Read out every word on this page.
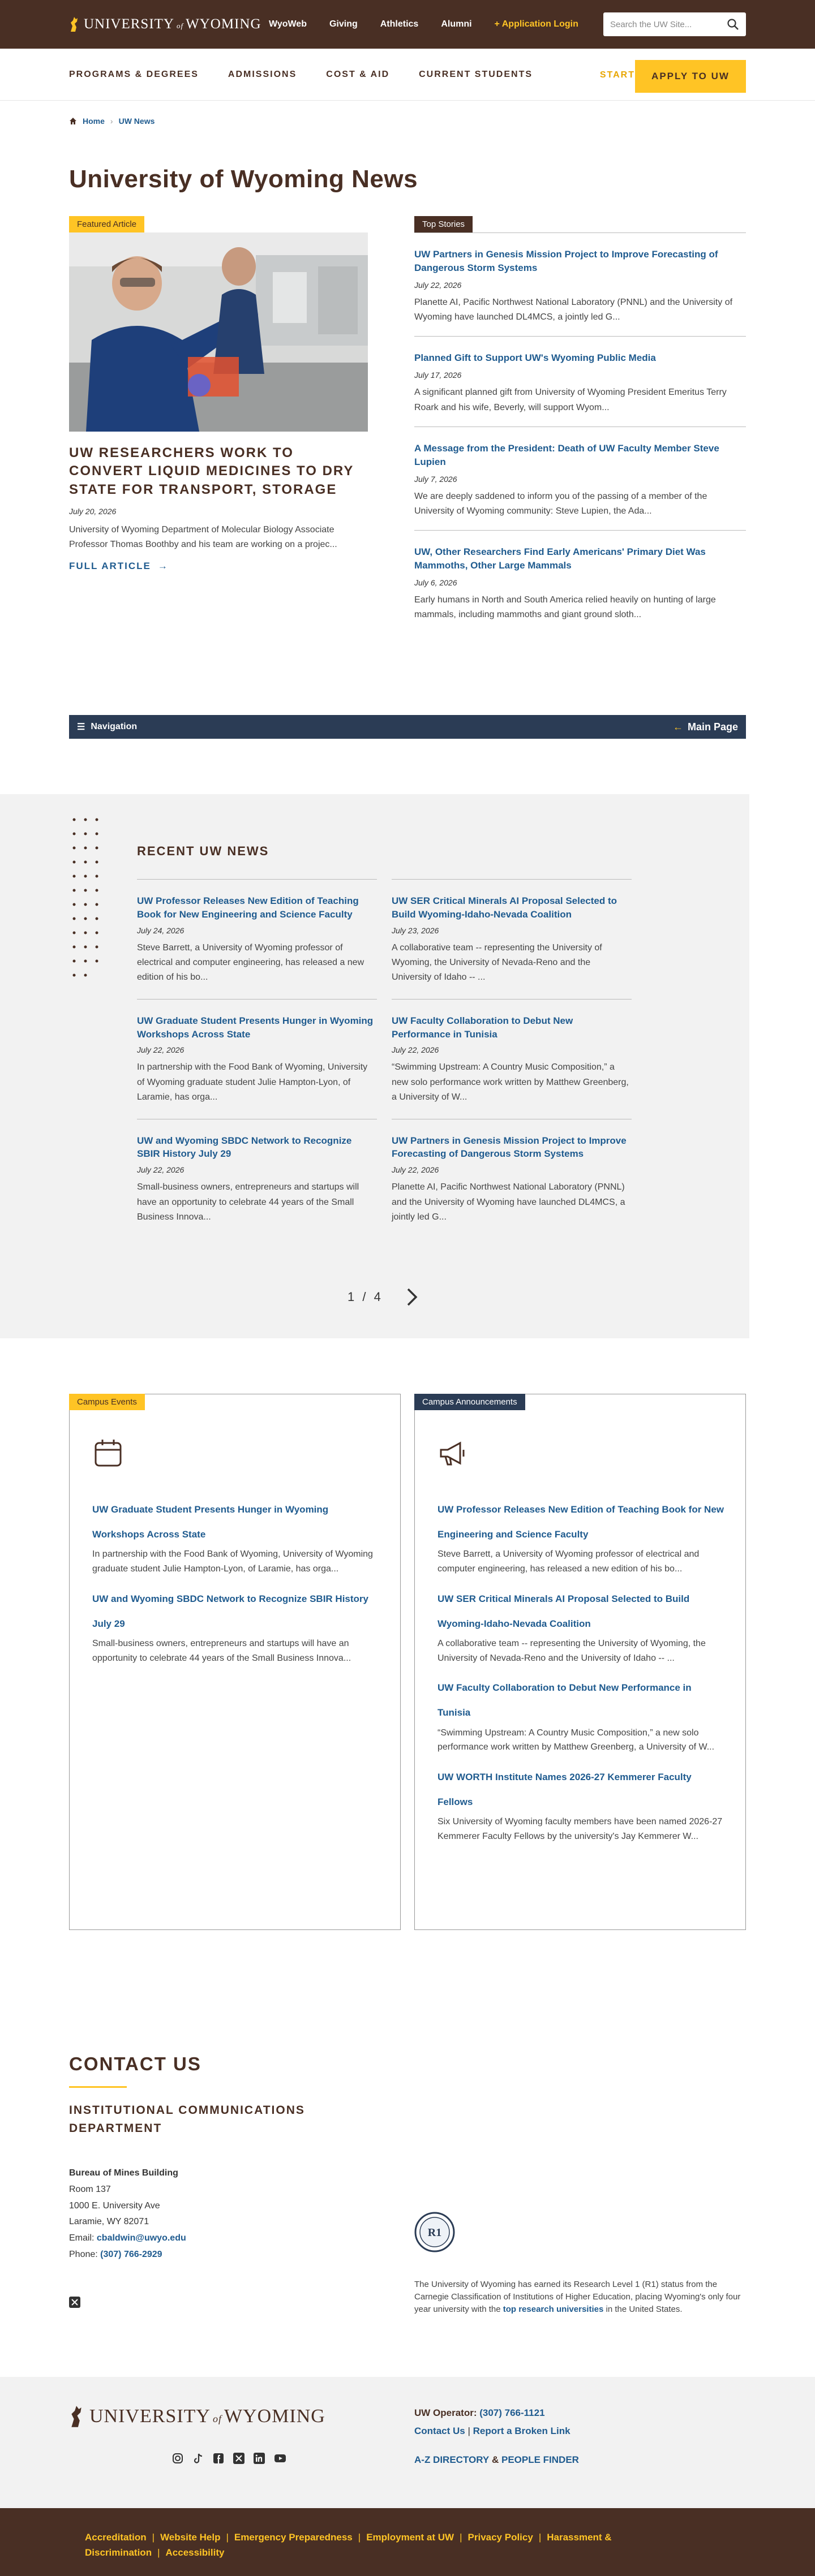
UNIVERSITY of WYOMING WyoWeb	Giving	Athletics	Alumni	+ Application Login	Search the UW Site...
PROGRAMS & DEGREES	ADMISSIONS	COST & AID	CURRENT STUDENTS	START	APPLY TO UW
Home › UW News
University of Wyoming News
Featured Article
UW RESEARCHERS WORK TO CONVERT LIQUID MEDICINES TO DRY STATE FOR TRANSPORT, STORAGE
July 20, 2026
University of Wyoming Department of Molecular Biology Associate Professor Thomas Boothby and his team are working on a projec...
FULL ARTICLE →
Top Stories
UW Partners in Genesis Mission Project to Improve Forecasting of Dangerous Storm Systems
July 22, 2026
Planette AI, Pacific Northwest National Laboratory (PNNL) and the University of Wyoming have launched DL4MCS, a jointly led G...
Planned Gift to Support UW's Wyoming Public Media
July 17, 2026
A significant planned gift from University of Wyoming President Emeritus Terry Roark and his wife, Beverly, will support Wyom...
A Message from the President: Death of UW Faculty Member Steve Lupien
July 7, 2026
We are deeply saddened to inform you of the passing of a member of the University of Wyoming community: Steve Lupien, the Ada...
UW, Other Researchers Find Early Americans' Primary Diet Was Mammoths, Other Large Mammals
July 6, 2026
Early humans in North and South America relied heavily on hunting of large mammals, including mammoths and giant ground sloth...
☰ Navigation	← Main Page
RECENT UW NEWS
UW Professor Releases New Edition of Teaching Book for New Engineering and Science Faculty
July 24, 2026
Steve Barrett, a University of Wyoming professor of electrical and computer engineering, has released a new edition of his bo...
UW SER Critical Minerals AI Proposal Selected to Build Wyoming-Idaho-Nevada Coalition
July 23, 2026
A collaborative team -- representing the University of Wyoming, the University of Nevada-Reno and the University of Idaho -- ...
UW Graduate Student Presents Hunger in Wyoming Workshops Across State
July 22, 2026
In partnership with the Food Bank of Wyoming, University of Wyoming graduate student Julie Hampton-Lyon, of Laramie, has orga...
UW Faculty Collaboration to Debut New Performance in Tunisia
July 22, 2026
“Swimming Upstream: A Country Music Composition,” a new solo performance work written by Matthew Greenberg, a University of W...
UW and Wyoming SBDC Network to Recognize SBIR History July 29
July 22, 2026
Small-business owners, entrepreneurs and startups will have an opportunity to celebrate 44 years of the Small Business Innova...
UW Partners in Genesis Mission Project to Improve Forecasting of Dangerous Storm Systems
July 22, 2026
Planette AI, Pacific Northwest National Laboratory (PNNL) and the University of Wyoming have launched DL4MCS, a jointly led G...
1 / 4
Campus Events
UW Graduate Student Presents Hunger in Wyoming Workshops Across State
In partnership with the Food Bank of Wyoming, University of Wyoming graduate student Julie Hampton-Lyon, of Laramie, has orga...
UW and Wyoming SBDC Network to Recognize SBIR History July 29
Small-business owners, entrepreneurs and startups will have an opportunity to celebrate 44 years of the Small Business Innova...
Campus Announcements
UW Professor Releases New Edition of Teaching Book for New Engineering and Science Faculty
Steve Barrett, a University of Wyoming professor of electrical and computer engineering, has released a new edition of his bo...
UW SER Critical Minerals AI Proposal Selected to Build Wyoming-Idaho-Nevada Coalition
A collaborative team -- representing the University of Wyoming, the University of Nevada-Reno and the University of Idaho -- ...
UW Faculty Collaboration to Debut New Performance in Tunisia
“Swimming Upstream: A Country Music Composition,” a new solo performance work written by Matthew Greenberg, a University of W...
UW WORTH Institute Names 2026-27 Kemmerer Faculty Fellows
Six University of Wyoming faculty members have been named 2026-27 Kemmerer Faculty Fellows by the university's Jay Kemmerer W...
CONTACT US
INSTITUTIONAL COMMUNICATIONS DEPARTMENT
Bureau of Mines Building
Room 137
1000 E. University Ave
Laramie, WY 82071
Email: cbaldwin@uwyo.edu
Phone: (307) 766-2929
R1
The University of Wyoming has earned its Research Level 1 (R1) status from the Carnegie Classification of Institutions of Higher Education, placing Wyoming's only four year university with the top research universities in the United States.
UNIVERSITY of WYOMING	UW Operator: (307) 766-1121
Contact Us | Report a Broken Link
A-Z DIRECTORY & PEOPLE FINDER
Accreditation | Website Help | Emergency Preparedness | Employment at UW | Privacy Policy | Harassment & Discrimination | Accessibility
